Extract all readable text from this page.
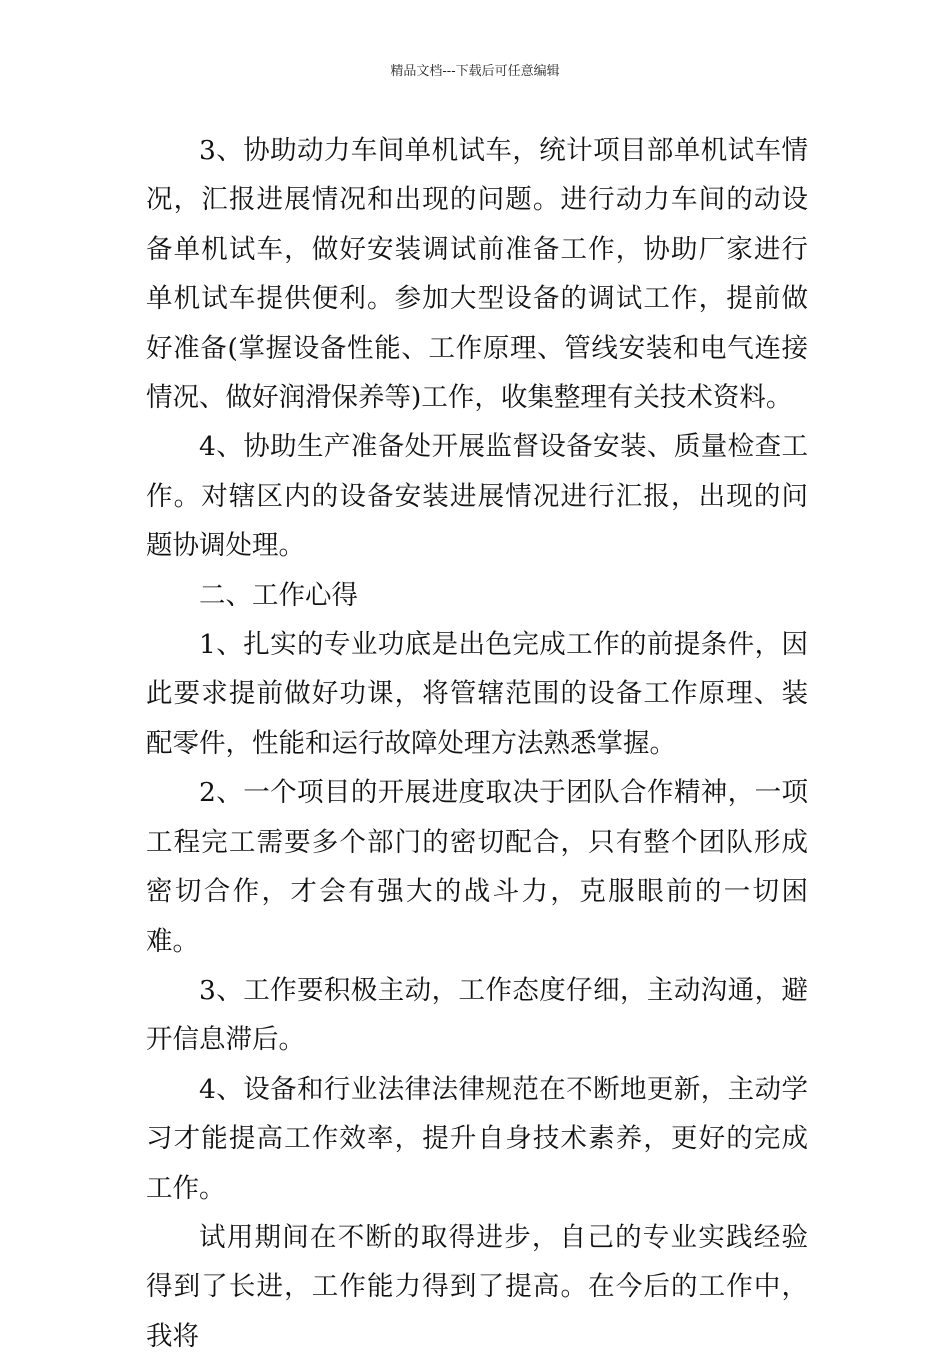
精品文档---下载后可任意编辑

3、协助动力车间单机试车，统计项目部单机试车情况，汇报进展情况和出现的问题。进行动力车间的动设备单机试车，做好安装调试前准备工作，协助厂家进行单机试车提供便利。参加大型设备的调试工作，提前做好准备(掌握设备性能、工作原理、管线安装和电气连接情况、做好润滑保养等)工作，收集整理有关技术资料。

4、协助生产准备处开展监督设备安装、质量检查工作。对辖区内的设备安装进展情况进行汇报，出现的问题协调处理。

二、工作心得

1、扎实的专业功底是出色完成工作的前提条件，因此要求提前做好功课，将管辖范围的设备工作原理、装配零件，性能和运行故障处理方法熟悉掌握。

2、一个项目的开展进度取决于团队合作精神，一项工程完工需要多个部门的密切配合，只有整个团队形成密切合作，才会有强大的战斗力，克服眼前的一切困难。

3、工作要积极主动，工作态度仔细，主动沟通，避开信息滞后。

4、设备和行业法律法律规范在不断地更新，主动学习才能提高工作效率，提升自身技术素养，更好的完成工作。

试用期间在不断的取得进步，自己的专业实践经验得到了长进，工作能力得到了提高。在今后的工作中，我将
